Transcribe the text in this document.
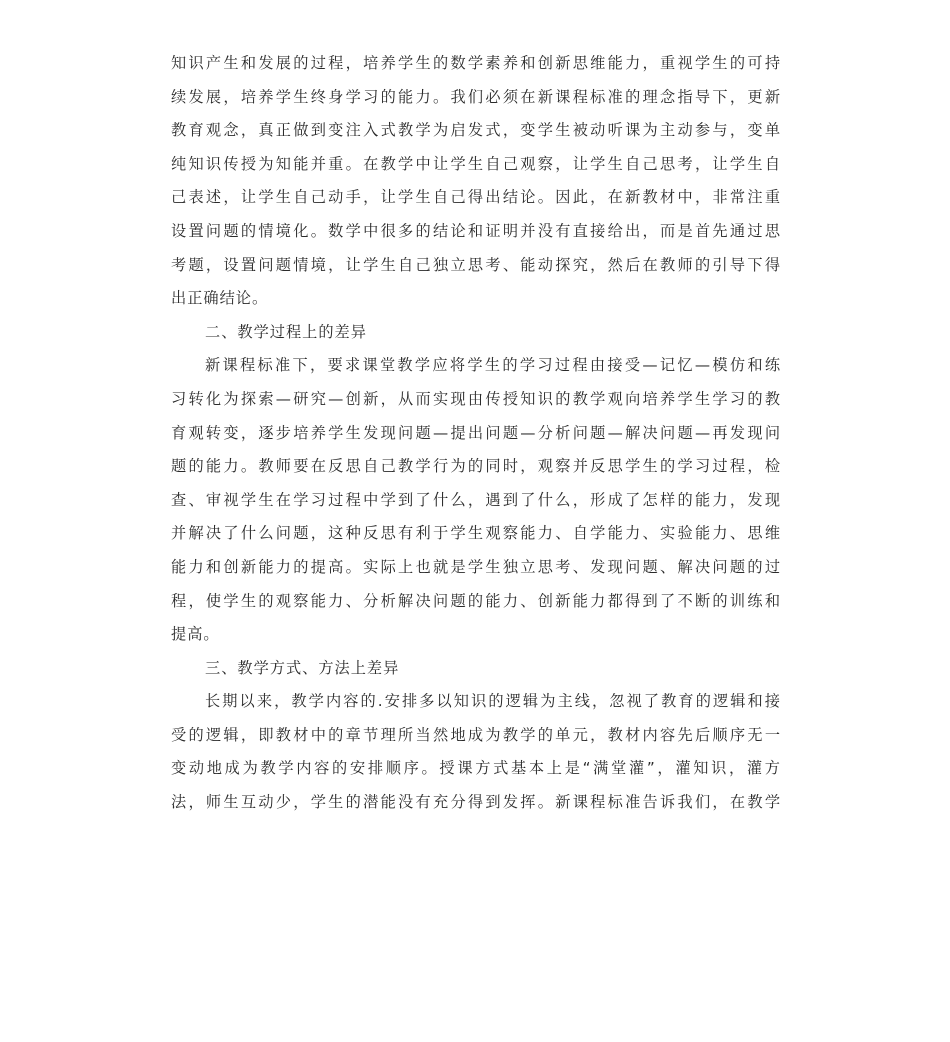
知识产生和发展的过程，培养学生的数学素养和创新思维能力，重视学生的可持
续发展，培养学生终身学习的能力。我们必须在新课程标准的理念指导下，更新
教育观念，真正做到变注入式教学为启发式，变学生被动听课为主动参与，变单
纯知识传授为知能并重。在教学中让学生自己观察，让学生自己思考，让学生自
己表述，让学生自己动手，让学生自己得出结论。因此，在新教材中，非常注重
设置问题的情境化。数学中很多的结论和证明并没有直接给出，而是首先通过思
考题，设置问题情境，让学生自己独立思考、能动探究，然后在教师的引导下得
出正确结论。
二、教学过程上的差异
新课程标准下，要求课堂教学应将学生的学习过程由接受—记忆—模仿和练
习转化为探索—研究—创新，从而实现由传授知识的教学观向培养学生学习的教
育观转变，逐步培养学生发现问题—提出问题—分析问题—解决问题—再发现问
题的能力。教师要在反思自己教学行为的同时，观察并反思学生的学习过程，检
查、审视学生在学习过程中学到了什么，遇到了什么，形成了怎样的能力，发现
并解决了什么问题，这种反思有利于学生观察能力、自学能力、实验能力、思维
能力和创新能力的提高。实际上也就是学生独立思考、发现问题、解决问题的过
程，使学生的观察能力、分析解决问题的能力、创新能力都得到了不断的训练和
提高。
三、教学方式、方法上差异
长期以来，教学内容的.安排多以知识的逻辑为主线，忽视了教育的逻辑和接
受的逻辑，即教材中的章节理所当然地成为教学的单元，教材内容先后顺序无一
变动地成为教学内容的安排顺序。授课方式基本上是“满堂灌”，灌知识，灌方
法，师生互动少，学生的潜能没有充分得到发挥。新课程标准告诉我们，在教学
